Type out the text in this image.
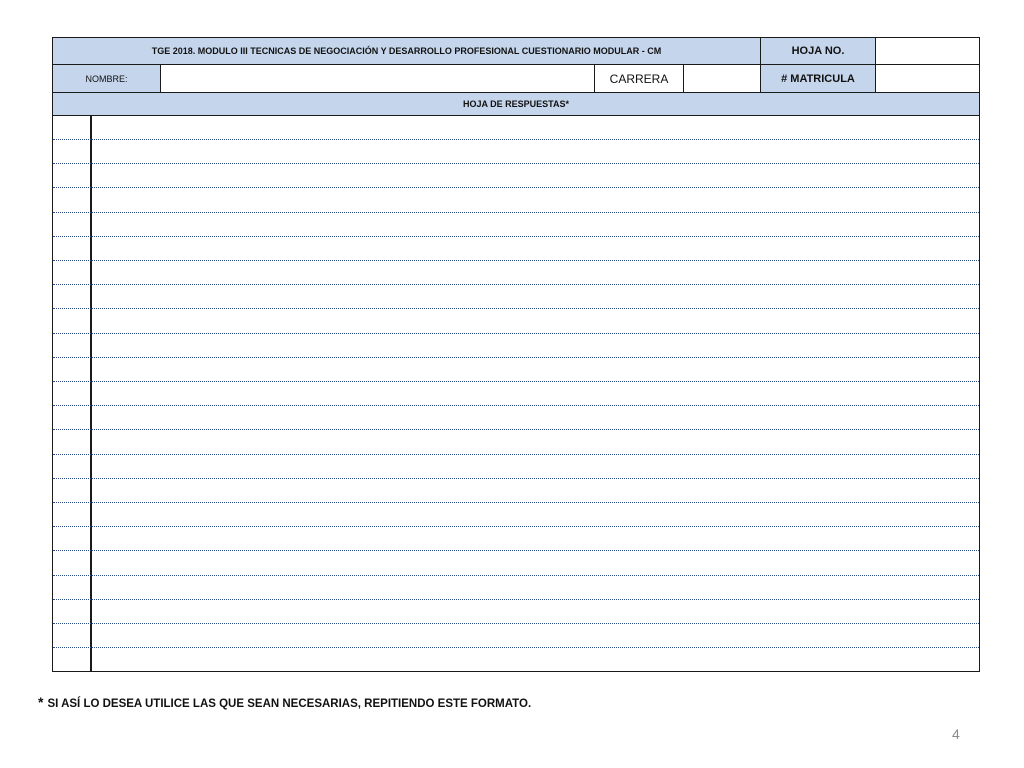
TGE 2018. MODULO III TECNICAS DE NEGOCIACIÓN Y DESARROLLO PROFESIONAL CUESTIONARIO MODULAR - CM	HOJA NO.
NOMBRE:	CARRERA	# MATRICULA
HOJA DE RESPUESTAS*
* SI ASÍ LO DESEA UTILICE LAS QUE SEAN NECESARIAS, REPITIENDO ESTE FORMATO.
4
